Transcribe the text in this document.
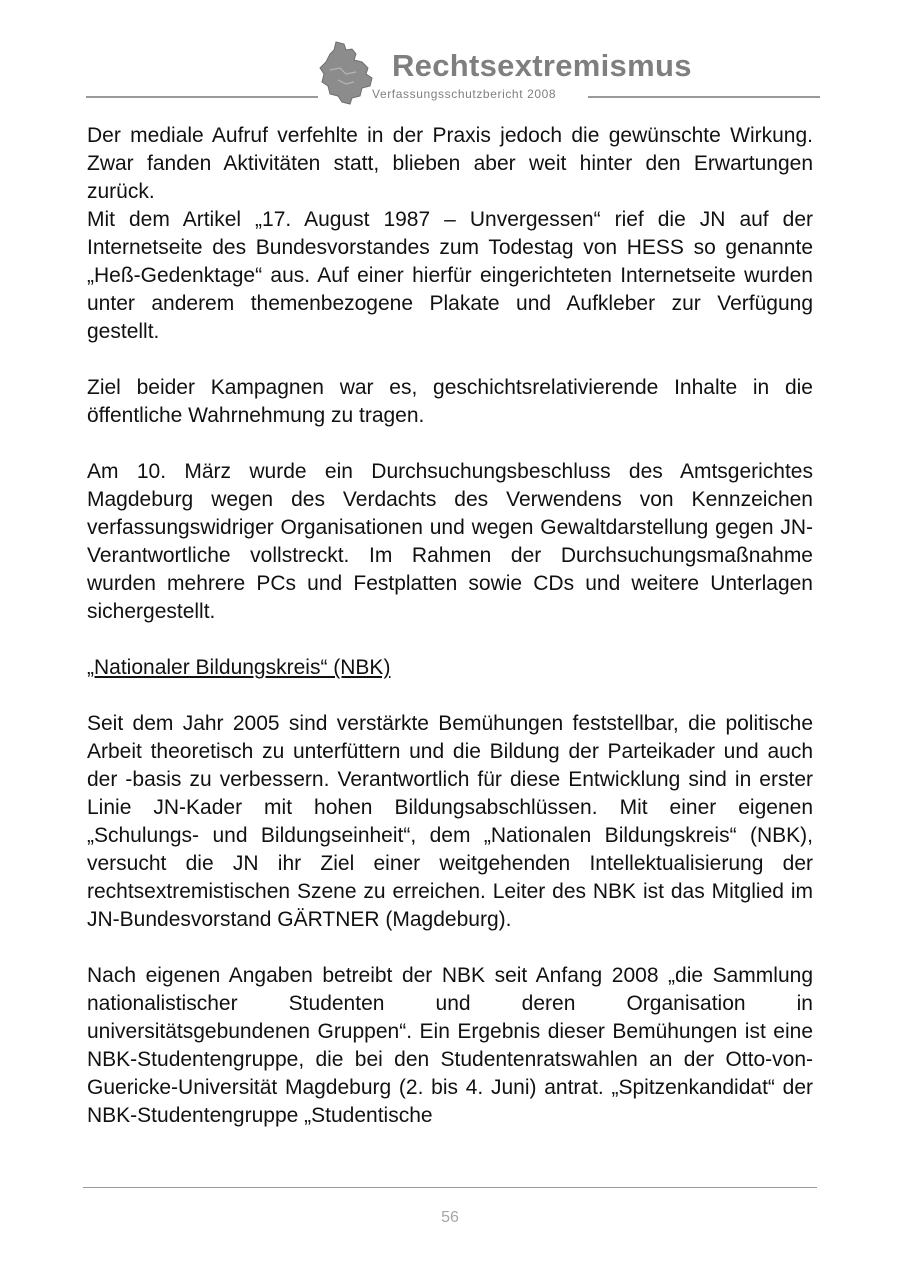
Rechtsextremismus
Verfassungsschutzbericht 2008

Der mediale Aufruf verfehlte in der Praxis jedoch die gewünschte Wirkung. Zwar fanden Aktivitäten statt, blieben aber weit hinter den Erwartungen zurück.

Mit dem Artikel „17. August 1987 – Unvergessen“ rief die JN auf der Internetseite des Bundesvorstandes zum Todestag von HESS so genannte „Heß-Gedenktage“ aus. Auf einer hierfür eingerichteten Internetseite wurden unter anderem themenbezogene Plakate und Aufkleber zur Verfügung gestellt.

Ziel beider Kampagnen war es, geschichtsrelativierende Inhalte in die öffentliche Wahrnehmung zu tragen.

Am 10. März wurde ein Durchsuchungsbeschluss des Amtsgerichtes Magdeburg wegen des Verdachts des Verwendens von Kennzeichen verfassungswidriger Organisationen und wegen Gewaltdarstellung gegen JN-Verantwortliche vollstreckt. Im Rahmen der Durchsuchungsmaßnahme wurden mehrere PCs und Festplatten sowie CDs und weitere Unterlagen sichergestellt.

„Nationaler Bildungskreis“ (NBK)

Seit dem Jahr 2005 sind verstärkte Bemühungen feststellbar, die politische Arbeit theoretisch zu unterfüttern und die Bildung der Parteikader und auch der -basis zu verbessern. Verantwortlich für diese Entwicklung sind in erster Linie JN-Kader mit hohen Bildungsabschlüssen. Mit einer eigenen „Schulungs- und Bildungseinheit“, dem „Nationalen Bildungskreis“ (NBK), versucht die JN ihr Ziel einer weitgehenden Intellektualisierung der rechtsextremistischen Szene zu erreichen. Leiter des NBK ist das Mitglied im JN-Bundesvorstand GÄRTNER (Magdeburg).

Nach eigenen Angaben betreibt der NBK seit Anfang 2008 „die Sammlung nationalistischer Studenten und deren Organisation in universitätsgebundenen Gruppen“. Ein Ergebnis dieser Bemühungen ist eine NBK-Studentengruppe, die bei den Studentenratswahlen an der Otto-von-Guericke-Universität Magdeburg (2. bis 4. Juni) antrat. „Spitzenkandidat“ der NBK-Studentengruppe „Studentische

56
